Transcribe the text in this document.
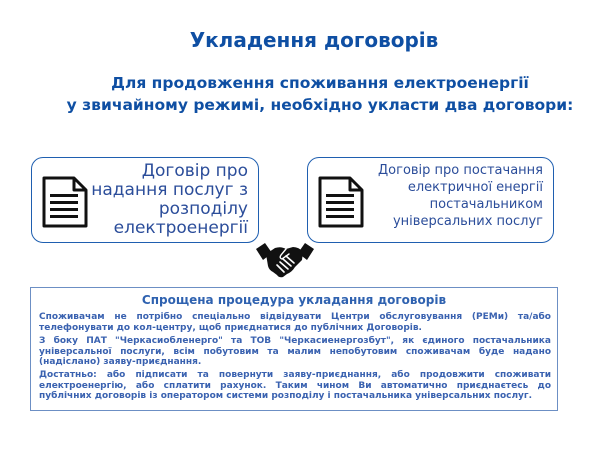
Укладення договорів
Для продовження споживання електроенергії
у звичайному режимі, необхідно укласти два договори:
Договір про
надання послуг з
розподілу
електроенергії
Договір про постачання
електричної енергії
постачальником
універсальних послуг
Спрощена процедура укладання договорів
Споживачам не потрібно спеціально відвідувати Центри обслуговування (РЕМи) та/або телефонувати до кол-центру, щоб приєднатися до публічних Договорів.
З боку ПАТ "Черкасиобленерго" та ТОВ "Черкасиенергозбут", як єдиного постачальника універсальної послуги, всім побутовим та малим непобутовим споживачам буде надано (надіслано) заяву-приєднання.
Достатньо: або підписати та повернути заяву-приєднання, або продовжити споживати електроенергію, або сплатити рахунок. Таким чином Ви автоматично приєднаєтесь до публічних договорів із оператором системи розподілу і постачальника універсальних послуг.
